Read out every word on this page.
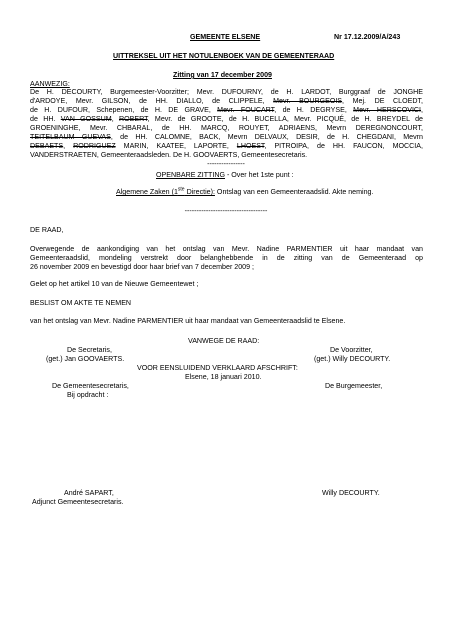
GEMEENTE ELSENE	Nr 17.12.2009/A/243
UITTREKSEL UIT HET NOTULENBOEK VAN DE GEMEENTERAAD
Zitting van 17 december 2009
AANWEZIG:
De H. DECOURTY, Burgemeester-Voorzitter; Mevr. DUFOURNY, de H. LARDOT, Burggraaf de JONGHE
d'ARDOYE, Mevr. GILSON, de HH. DIALLO, de CLIPPELE, Mevr. BOURGEOIS, Mej. DE CLOEDT,
de H. DUFOUR, Schepenen, de H. DE GRAVE, Mevr. FOUCART, de H. DEGRYSE, Mevr. HERSCOVICI,
de HH. VAN GOSSUM, ROBERT, Mevr. de GROOTE, de H. BUCELLA, Mevr. PICQUÉ, de H. BREYDEL de
GROENINGHE, Mevr. CHBARAL, de HH. MARCQ, ROUYET, ADRIAENS, Mevrn DEREGNONCOURT,
TEITELBAUM GUEVAS, de HH. CALOMNE, BACK, Mevrn DELVAUX, DESIR, de H. CHEGDANI, Mevrn
DEBAETS, RODRIGUEZ MARIN, KAATEE, LAPORTE, LHOEST, PITROIPA, de HH. FAUCON, MOCCIA,
VANDERSTRAETEN, Gemeenteraadsleden. De H. GOOVAERTS, Gemeentesecretaris.
----------------
OPENBARE ZITTING - Over het 1ste punt :
Algemene Zaken (1ste Directie): Ontslag van een Gemeenteraadslid. Akte neming.
-----------------------------------
DE RAAD,
Overwegende de aankondiging van het ontslag van Mevr. Nadine PARMENTIER uit haar mandaat van
Gemeenteraadslid, mondeling verstrekt door belanghebbende in de zitting van de Gemeenteraad op
26 november 2009 en bevestigd door haar brief van 7 december 2009 ;
Gelet op het artikel 10 van de Nieuwe Gemeentewet ;
BESLIST OM AKTE TE NEMEN
van het ontslag van Mevr. Nadine PARMENTIER uit haar mandaat van Gemeenteraadslid te Elsene.
VANWEGE DE RAAD:
De Secretaris,
(get.) Jan GOOVAERTS.
De Voorzitter,
(get.) Willy DECOURTY.
VOOR EENSLUIDEND VERKLAARD AFSCHRIFT:
Elsene, 18 januari 2010.
De Gemeentesecretaris,
Bij opdracht :
De Burgemeester,
André SAPART,
Adjunct Gemeentesecretaris.
Willy DECOURTY.
